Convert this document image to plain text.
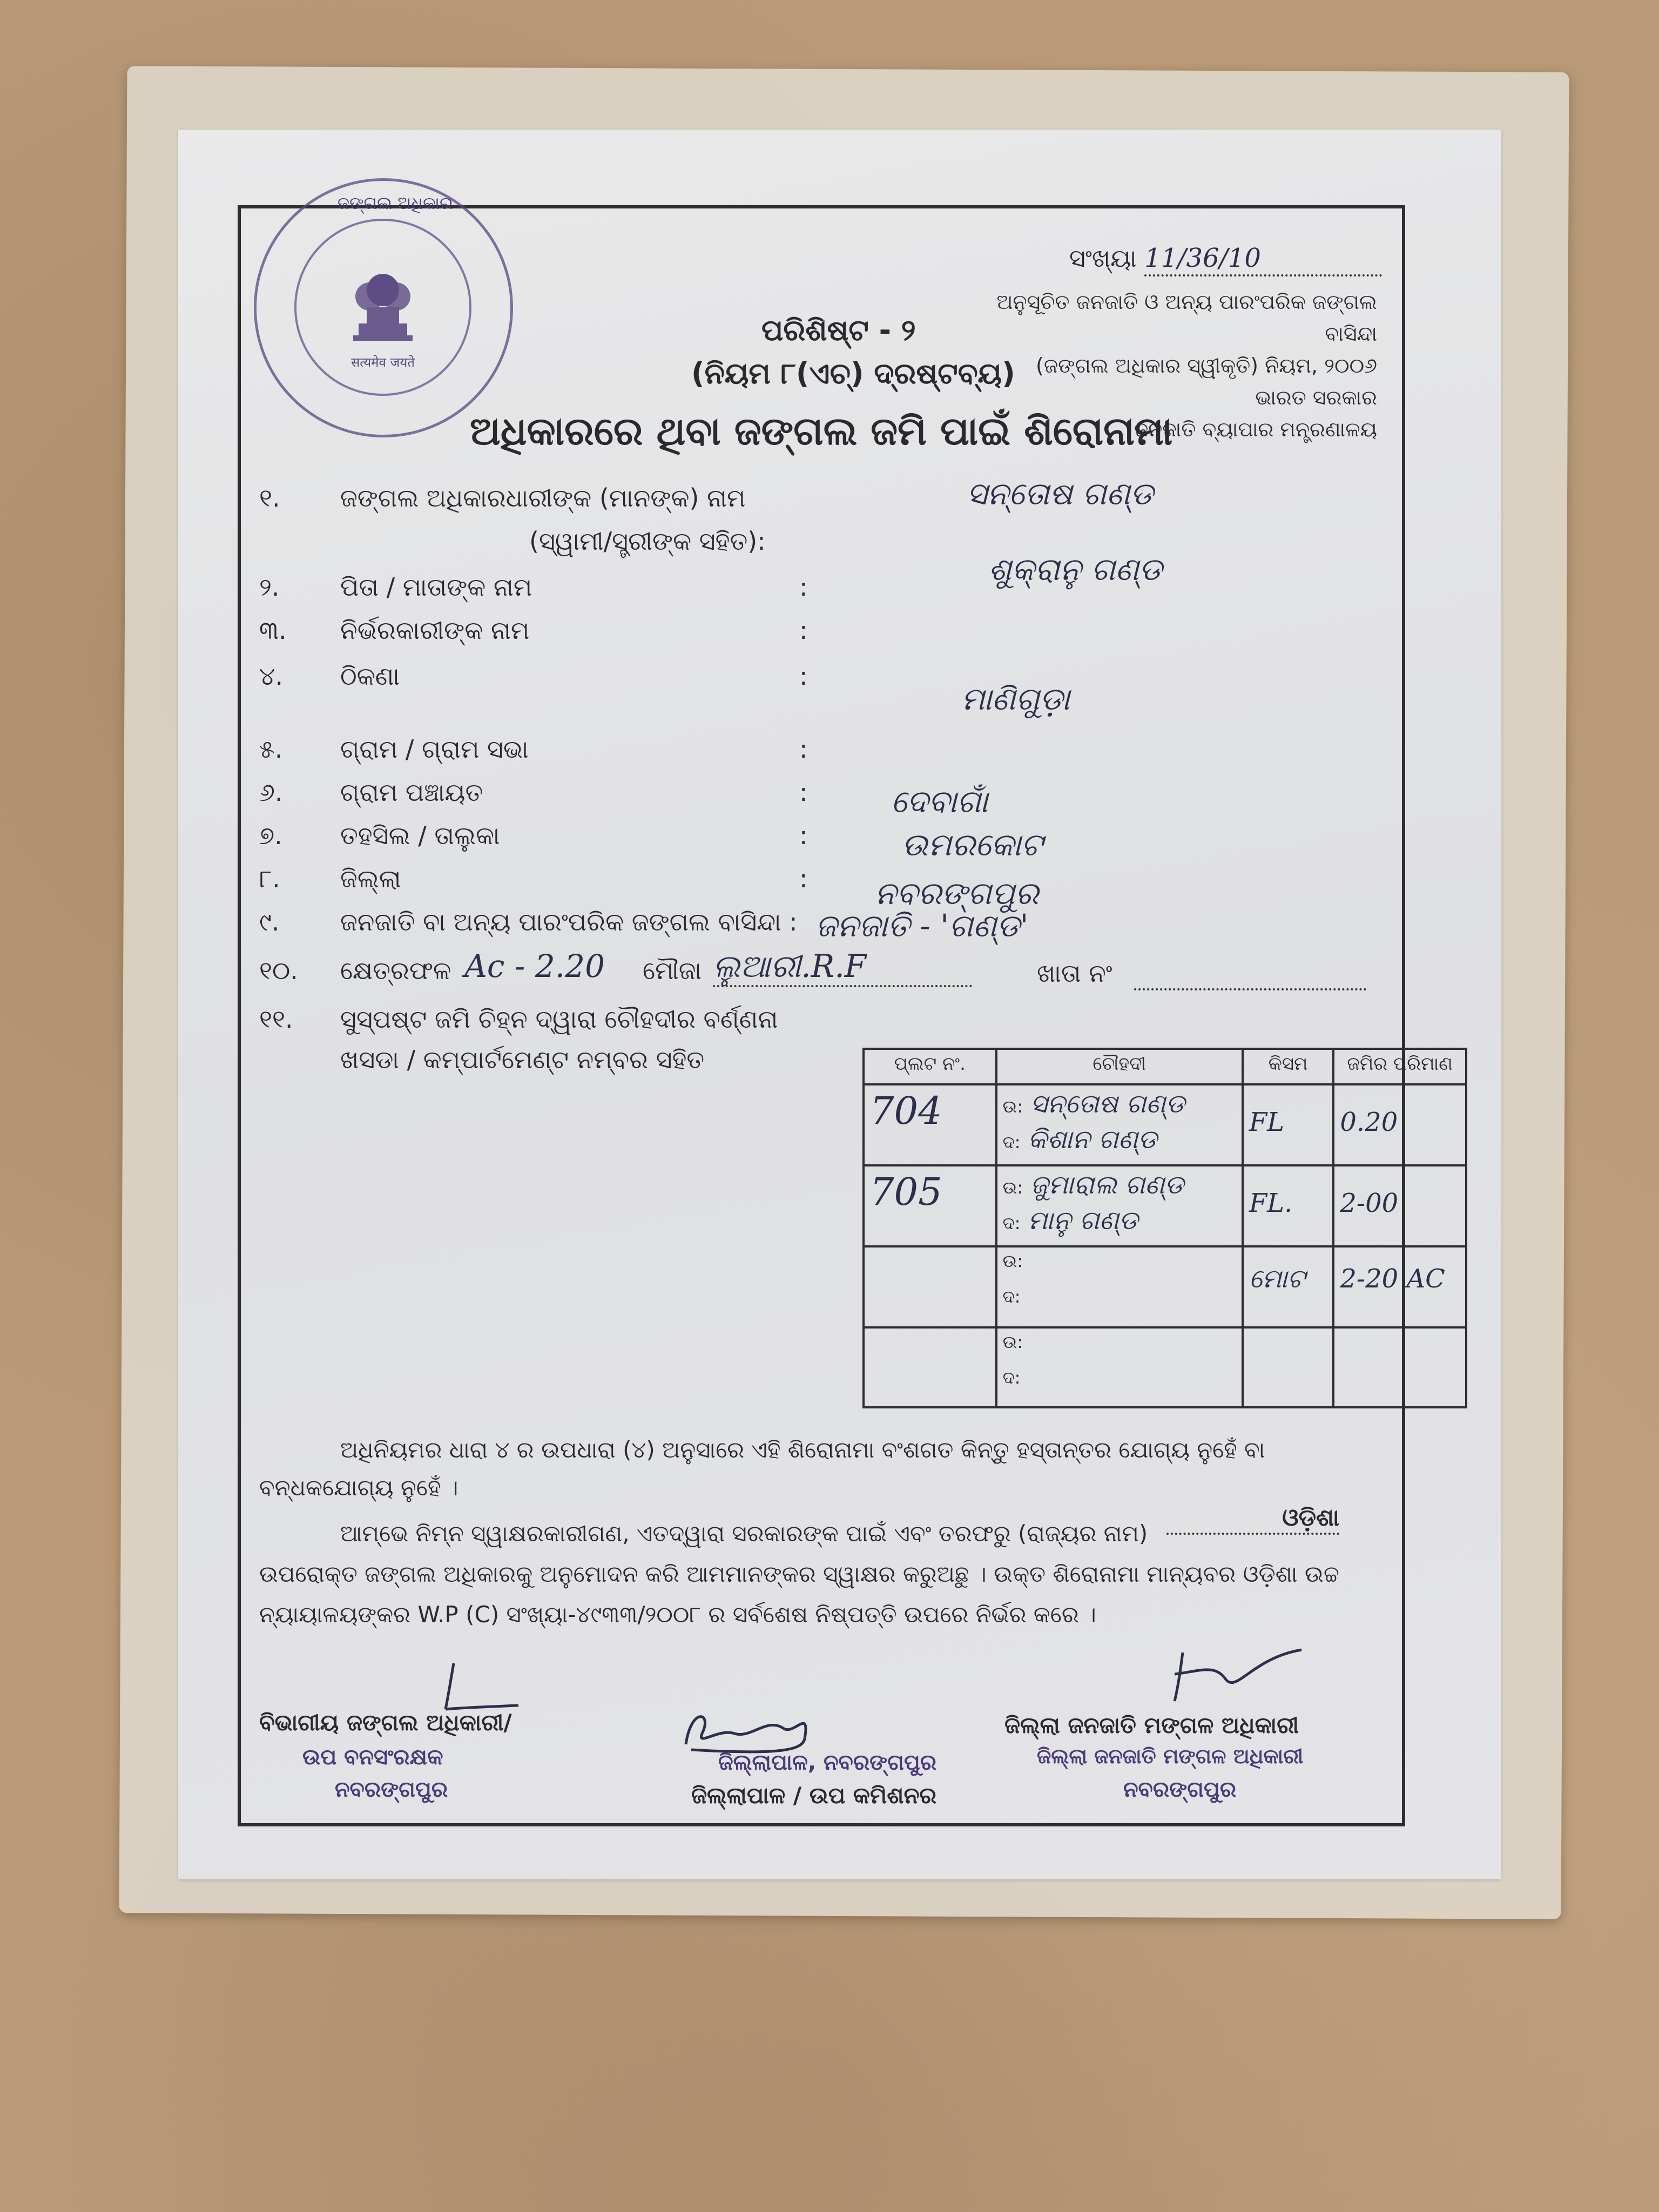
सत्यमेव जयते
ଜଙ୍ଗଲ ଅଧିକାର
ସଂଖ୍ୟା 11/36/10
ଅନୁସୂଚିତ ଜନଜାତି ଓ ଅନ୍ୟ ପାରଂପରିକ ଜଙ୍ଗଲ ବାସିନ୍ଦା
(ଜଙ୍ଗଲ ଅଧିକାର ସ୍ୱୀକୃତି) ନିୟମ, ୨୦୦୬
ଭାରତ ସରକାର
ଜନଜାତି ବ୍ୟାପାର ମନ୍ତ୍ରଣାଳୟ
ପରିଶିଷ୍ଟ - ୨
(ନିୟମ ୮(ଏଚ୍) ଦ୍ରଷ୍ଟବ୍ୟ)
ଅଧିକାରରେ ଥିବା ଜଙ୍ଗଲ ଜମି ପାଇଁ ଶିରୋନାମା
୧. ଜଙ୍ଗଲ ଅଧିକାରଧାରୀଙ୍କ (ମାନଙ୍କ) ନାମ
(ସ୍ୱାମୀ/ସ୍ତ୍ରୀଙ୍କ ସହିତ):
ସନ୍ତୋଷ ଗଣ୍ଡ
୨. ପିତା / ମାତାଙ୍କ ନାମ	:	ଶୁକ୍ରାନୁ ଗଣ୍ଡ
୩. ନିର୍ଭରକାରୀଙ୍କ ନାମ	:
୪. ଠିକଣା	:
ମାଣିଗୁଡ଼ା
୫. ଗ୍ରାମ / ଗ୍ରାମ ସଭା	:
୬. ଗ୍ରାମ ପଞ୍ଚାୟତ	:	ଦେବାଗାଁ
୭. ତହସିଲ / ତାଲୁକା	:	ଉମରକୋଟ
୮. ଜିଲ୍ଲା	: ନବରଙ୍ଗପୁର
୯. ଜନଜାତି ବା ଅନ୍ୟ ପାରଂପରିକ ଜଙ୍ଗଲ ବାସିନ୍ଦା : ଜନଜାତି - 'ଗଣ୍ଡ'
୧୦. କ୍ଷେତ୍ରଫଳ Ac - 2.20 ମୌଜା ଲୁଆରୀ.R.F	ଖାତା ନଂ
୧୧. ସୁସ୍ପଷ୍ଟ ଜମି ଚିହ୍ନ ଦ୍ୱାରା ଚୌହଦୀର ବର୍ଣ୍ଣନା
ଖସଡା / କମ୍ପାର୍ଟମେଣ୍ଟ ନମ୍ବର ସହିତ	ପ୍ଲଟ ନଂ.	ଚୌହଦୀ	କିସମ	ଜମିର ପରିମାଣ
704	ଉ: ସନ୍ତୋଷ ଗଣ୍ଡ
ଦ: କିଶାନ ଗଣ୍ଡ	FL	0.20
705	ଉ: ଜୁମାରାଲ ଗଣ୍ଡ
ଦ: ମାନୁ ଗଣ୍ଡ	FL.	2-00

	ଉ:
ଦ:	ମୋଟ	2-20 AC

	ଉ:
ଦ:		

ଅଧିନିୟମର ଧାରା ୪ ର ଉପଧାରା (୪) ଅନୁସାରେ ଏହି ଶିରୋନାମା ବଂଶଗତ କିନ୍ତୁ ହସ୍ତାନ୍ତର ଯୋଗ୍ୟ ନୁହେଁ ବା
ବନ୍ଧକଯୋଗ୍ୟ ନୁହେଁ ।
ଆମ୍ଭେ ନିମ୍ନ ସ୍ୱାକ୍ଷରକାରୀଗଣ, ଏତଦ୍ୱାରା ସରକାରଙ୍କ ପାଇଁ ଏବଂ ତରଫରୁ (ରାଜ୍ୟର ନାମ)
ଓଡ଼ିଶା
ଉପରୋକ୍ତ ଜଙ୍ଗଲ ଅଧିକାରକୁ ଅନୁମୋଦନ କରି ଆମମାନଙ୍କର ସ୍ୱାକ୍ଷର କରୁଅଛୁ । ଉକ୍ତ ଶିରୋନାମା ମାନ୍ୟବର ଓଡ଼ିଶା ଉଚ୍ଚ
ନ୍ୟାୟାଳୟଙ୍କର W.P (C) ସଂଖ୍ୟା-୪୯୩୩/୨୦୦୮ ର ସର୍ବଶେଷ ନିଷ୍ପତ୍ତି ଉପରେ ନିର୍ଭର କରେ ।
ବିଭାଗୀୟ ଜଙ୍ଗଲ ଅଧିକାରୀ/
ଉପ ବନସଂରକ୍ଷକ
ନବରଙ୍ଗପୁର
ଜିଲ୍ଲାପାଳ, ନବରଙ୍ଗପୁର
ଜିଲ୍ଲାପାଳ / ଉପ କମିଶନର
ଜିଲ୍ଲା ଜନଜାତି ମଙ୍ଗଳ ଅଧିକାରୀ
ଜିଲ୍ଲା ଜନଜାତି ମଙ୍ଗଳ ଅଧିକାରୀ
ନବରଙ୍ଗପୁର
